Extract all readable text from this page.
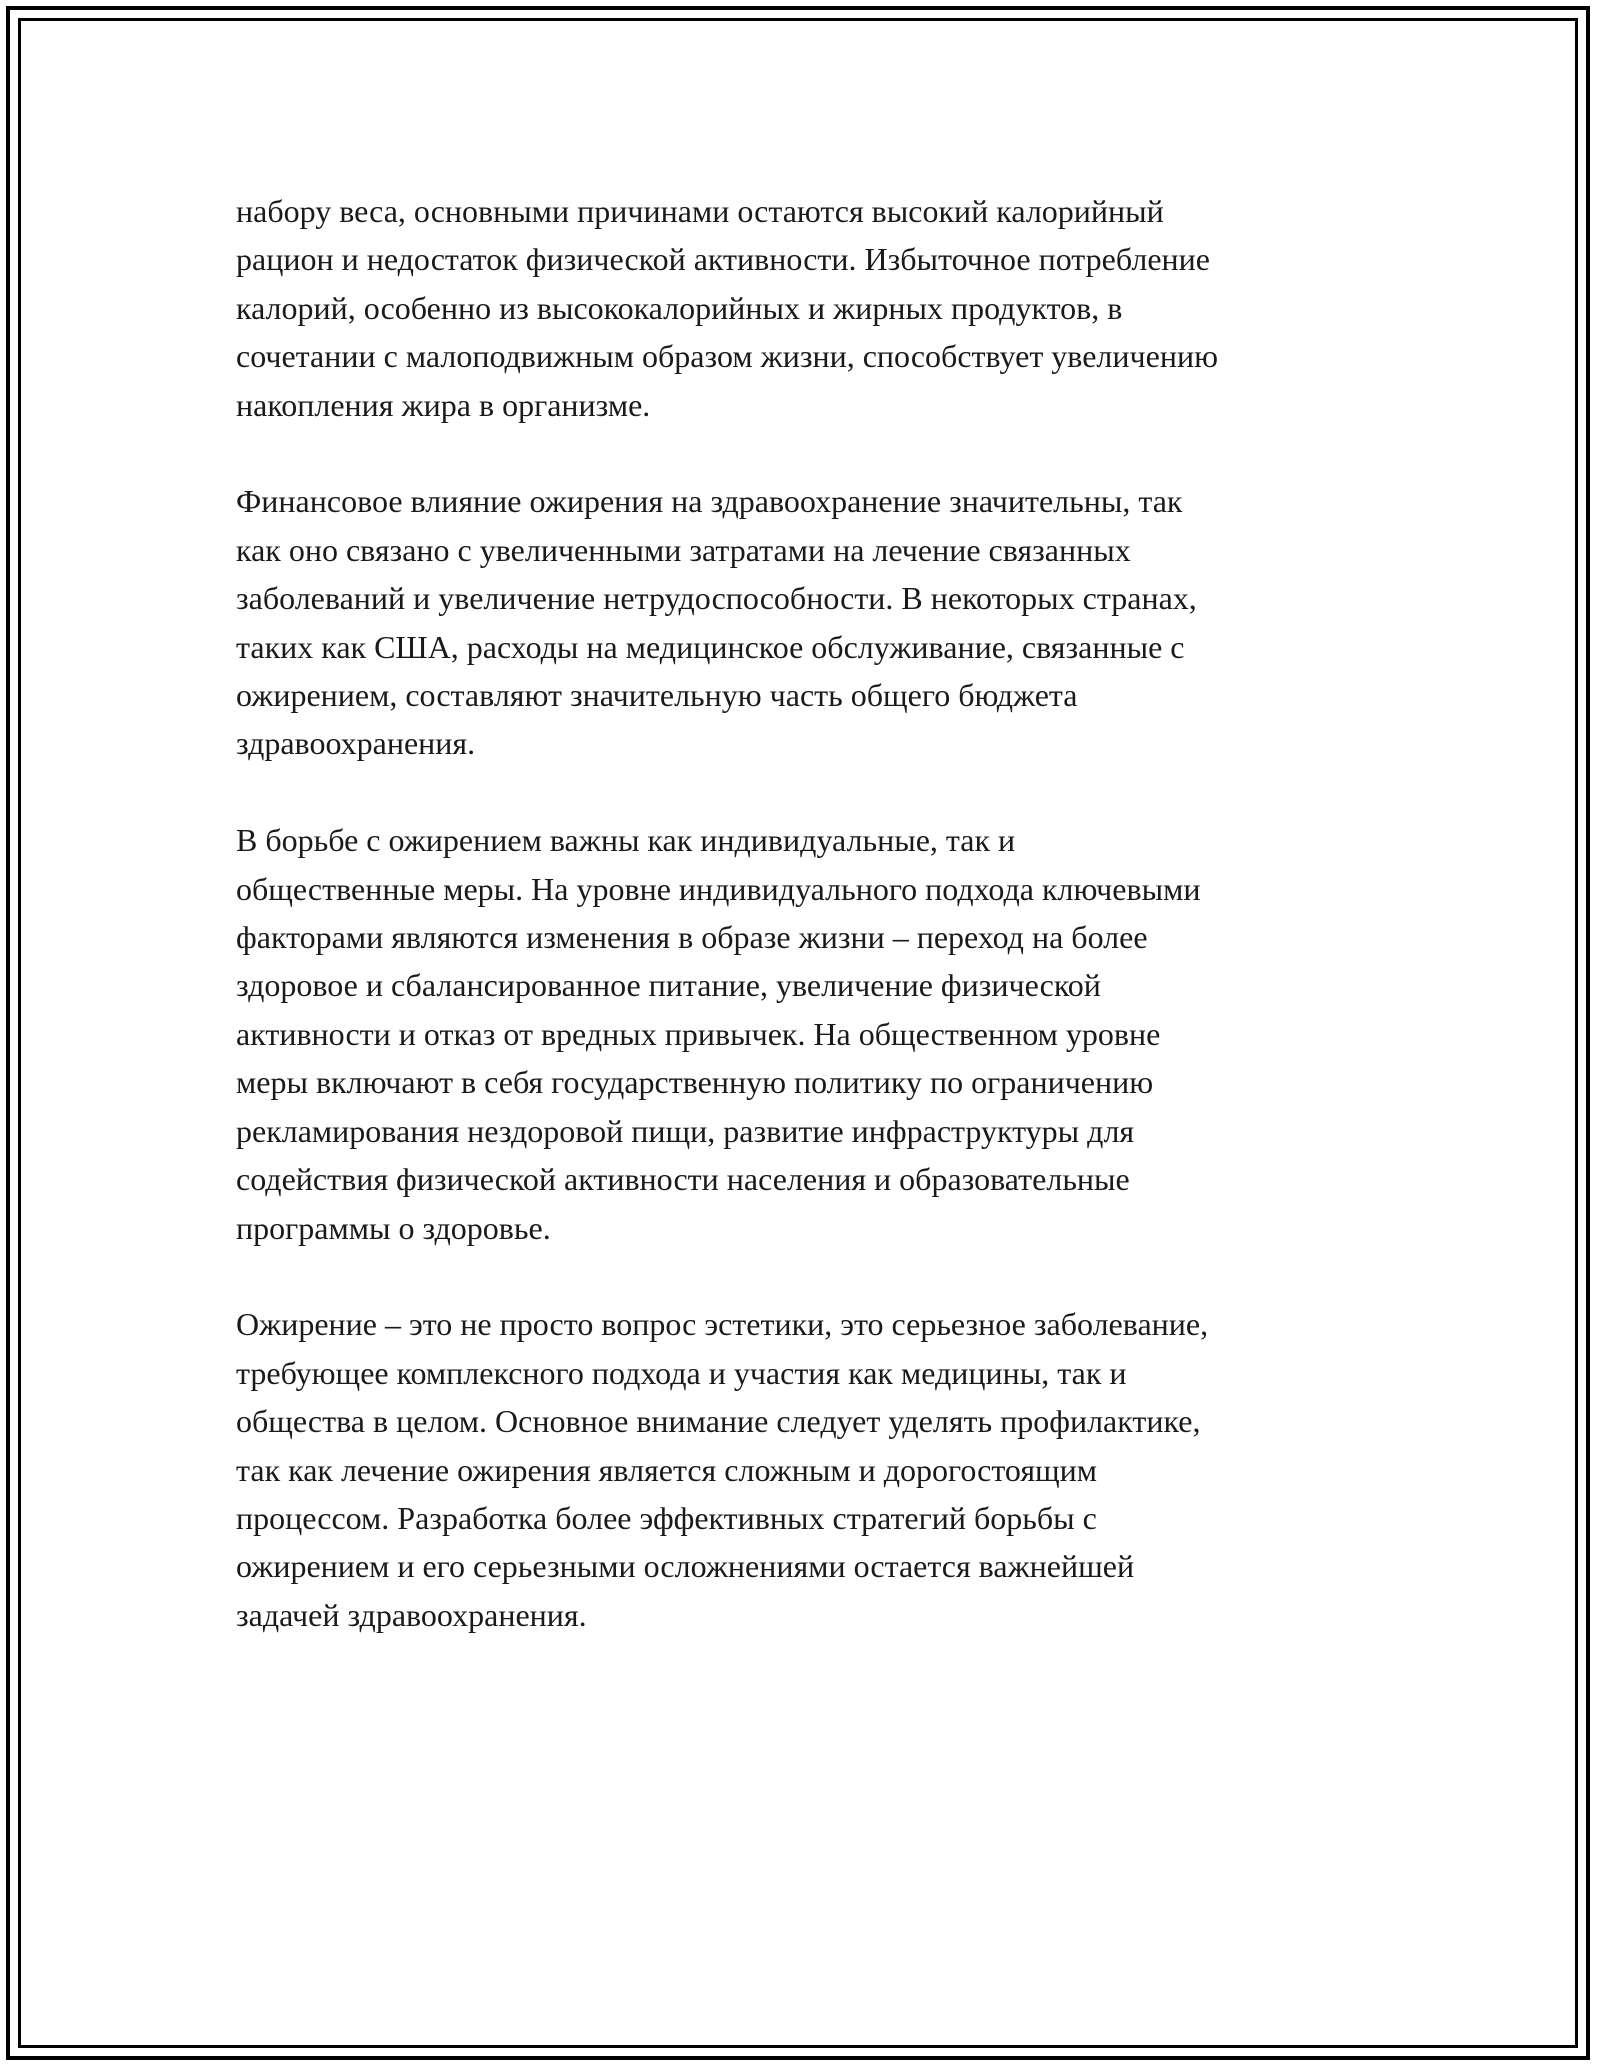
набору веса, основными причинами остаются высокий калорийный
рацион и недостаток физической активности. Избыточное потребление
калорий, особенно из высококалорийных и жирных продуктов, в
сочетании с малоподвижным образом жизни, способствует увеличению
накопления жира в организме.

Финансовое влияние ожирения на здравоохранение значительны, так
как оно связано с увеличенными затратами на лечение связанных
заболеваний и увеличение нетрудоспособности. В некоторых странах,
таких как США, расходы на медицинское обслуживание, связанные с
ожирением, составляют значительную часть общего бюджета
здравоохранения.

В борьбе с ожирением важны как индивидуальные, так и
общественные меры. На уровне индивидуального подхода ключевыми
факторами являются изменения в образе жизни – переход на более
здоровое и сбалансированное питание, увеличение физической
активности и отказ от вредных привычек. На общественном уровне
меры включают в себя государственную политику по ограничению
рекламирования нездоровой пищи, развитие инфраструктуры для
содействия физической активности населения и образовательные
программы о здоровье.

Ожирение – это не просто вопрос эстетики, это серьезное заболевание,
требующее комплексного подхода и участия как медицины, так и
общества в целом. Основное внимание следует уделять профилактике,
так как лечение ожирения является сложным и дорогостоящим
процессом. Разработка более эффективных стратегий борьбы с
ожирением и его серьезными осложнениями остается важнейшей
задачей здравоохранения.
